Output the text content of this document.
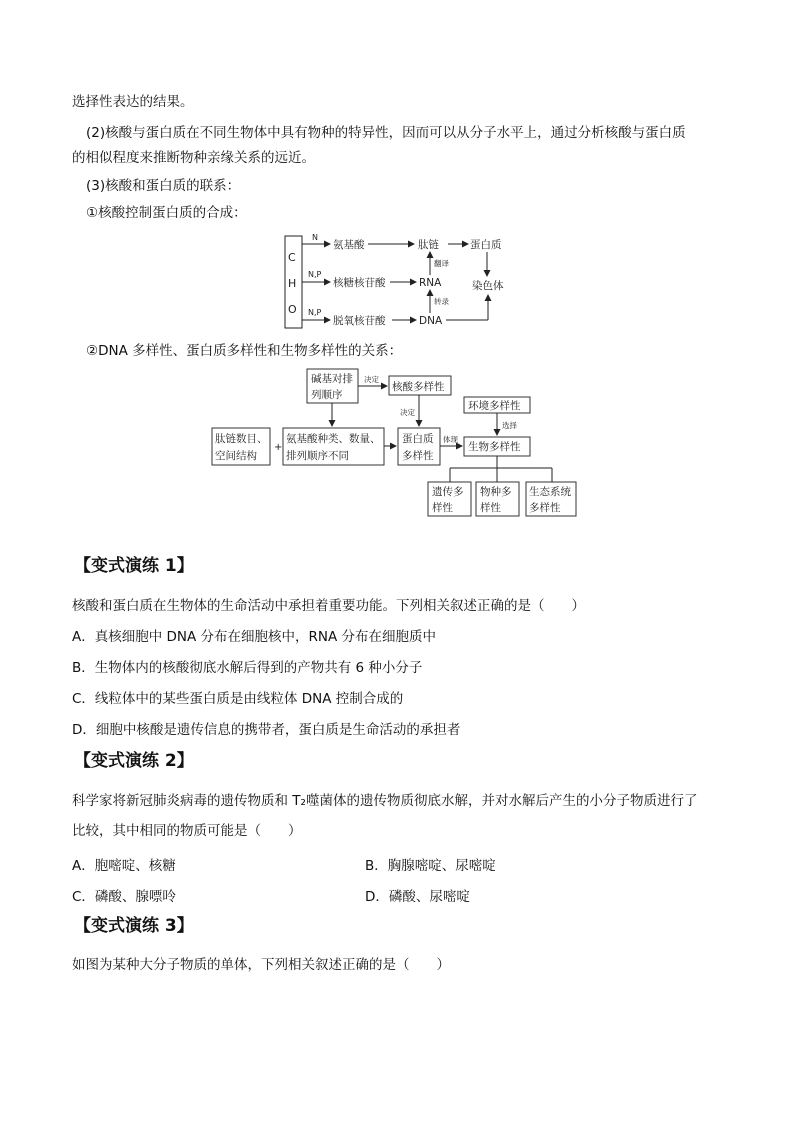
选择性表达的结果。
(2)核酸与蛋白质在不同生物体中具有物种的特异性，因而可以从分子水平上，通过分析核酸与蛋白质
的相似程度来推断物种亲缘关系的远近。
(3)核酸和蛋白质的联系：
①核酸控制蛋白质的合成：
C
H
O
N
N,P
N,P
氨基酸
核糖核苷酸
脱氧核苷酸
肽链	蛋白质
RNA
DNA
染色体
翻译
转录
②DNA 多样性、蛋白质多样性和生物多样性的关系：
碱基对排
列顺序
决定
核酸多样性
决定
环境多样性
选择
肽链数目、
空间结构
+
氨基酸种类、数量、
排列顺序不同
蛋白质
多样性
体现
生物多样性
遗传多
样性
物种多
样性
生态系统
多样性
【变式演练 1】
核酸和蛋白质在生物体的生命活动中承担着重要功能。下列相关叙述正确的是（　　）
A．真核细胞中 DNA 分布在细胞核中，RNA 分布在细胞质中
B．生物体内的核酸彻底水解后得到的产物共有 6 种小分子
C．线粒体中的某些蛋白质是由线粒体 DNA 控制合成的
D．细胞中核酸是遗传信息的携带者，蛋白质是生命活动的承担者
【变式演练 2】
科学家将新冠肺炎病毒的遗传物质和 T₂噬菌体的遗传物质彻底水解，并对水解后产生的小分子物质进行了
比较，其中相同的物质可能是（　　）
A．胞嘧啶、核糖	B．胸腺嘧啶、尿嘧啶
C．磷酸、腺嘌呤	D．磷酸、尿嘧啶
【变式演练 3】
如图为某种大分子物质的单体，下列相关叙述正确的是（　　）
